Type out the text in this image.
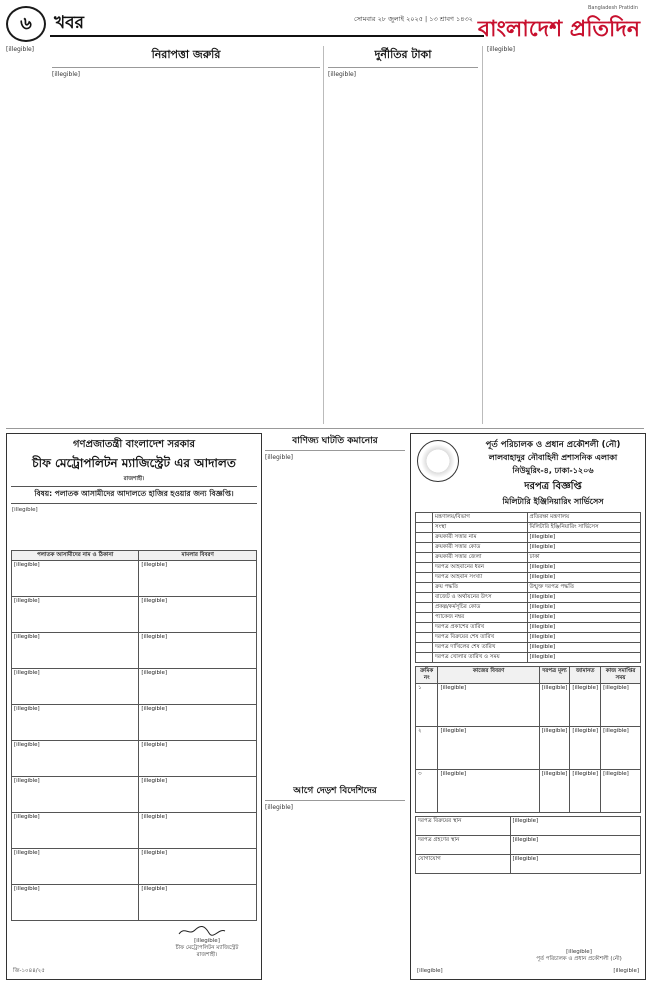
৬	খবর	সোমবার ২৮ জুলাই ২০২৫ | ১৩ শ্রাবণ ১৪৩২
Bangladesh Pratidin
বাংলাদেশ প্রতিদিন
নিরাপত্তা জরুরি
[illegible]
[illegible]	দুর্নীতির টাকা
[illegible]
[illegible]
গণপ্রজাতন্ত্রী বাংলাদেশ সরকার
চীফ মেট্রোপলিটন ম্যাজিস্ট্রেট এর আদালত
রাজশাহী।
বিষয়: পলাতক আসামীদের আদালতে হাজির হওয়ার জন্য বিজ্ঞপ্তি।
[illegible]
পলাতক আসামীদের নাম ও ঠিকানা	মামলার বিবরণ
[illegible]	[illegible]
[illegible]	[illegible]
[illegible]	[illegible]
[illegible]	[illegible]
[illegible]	[illegible]
[illegible]	[illegible]
[illegible]	[illegible]
[illegible]	[illegible]
[illegible]	[illegible]
[illegible]	[illegible]
[illegible]
চীফ মেট্রোপলিটন ম্যাজিস্ট্রেট
রাজশাহী।
জি-১০৪৪/২৫
বাণিজ্য ঘাটতি কমানোর
[illegible]
আগে দেড়শ বিদেশিদের
[illegible]
পূর্ত পরিচালক ও প্রধান প্রকৌশলী (নৌ)
লালবাহাদুর নৌবাহিনী প্রশাসনিক এলাকা
নিউমুরিং-৪, ঢাকা-১২০৬
দরপত্র বিজ্ঞপ্তি
মিলিটারি ইঞ্জিনিয়ারিং সার্ভিসেস
	মন্ত্রণালয়/বিভাগ	প্রতিরক্ষা মন্ত্রণালয়
	সংস্থা	মিলিটারি ইঞ্জিনিয়ারিং সার্ভিসেস
	ক্রয়কারী সত্তার নাম	[illegible]
	ক্রয়কারী সত্তার কোড	[illegible]
	ক্রয়কারী সত্তার জেলা	ঢাকা
	দরপত্র আহবানের ধরন	[illegible]
	দরপত্র আহবান সংখ্যা	[illegible]
	ক্রয় পদ্ধতি	উন্মুক্ত দরপত্র পদ্ধতি
	বাজেট ও অর্থায়নের উৎস	[illegible]
	প্রকল্প/কর্মসূচির কোড	[illegible]
	প্যাকেজ নম্বর	[illegible]
	দরপত্র প্রকাশের তারিখ	[illegible]
	দরপত্র বিক্রয়ের শেষ তারিখ	[illegible]
	দরপত্র দাখিলের শেষ তারিখ	[illegible]
	দরপত্র খোলার তারিখ ও সময়	[illegible]
ক্রমিক নং	কাজের বিবরণ	দরপত্র মূল্য	জামানত	কাজ সমাপ্তির সময়
১	[illegible]	[illegible]	[illegible]	[illegible]
২	[illegible]	[illegible]	[illegible]	[illegible]
৩	[illegible]	[illegible]	[illegible]	[illegible]
দরপত্র বিক্রয়ের স্থান	[illegible]
দরপত্র গ্রহণের স্থান	[illegible]
যোগাযোগ	[illegible]
[illegible]
পূর্ত পরিচালক ও প্রধান প্রকৌশলী (নৌ)
[illegible]	[illegible]
